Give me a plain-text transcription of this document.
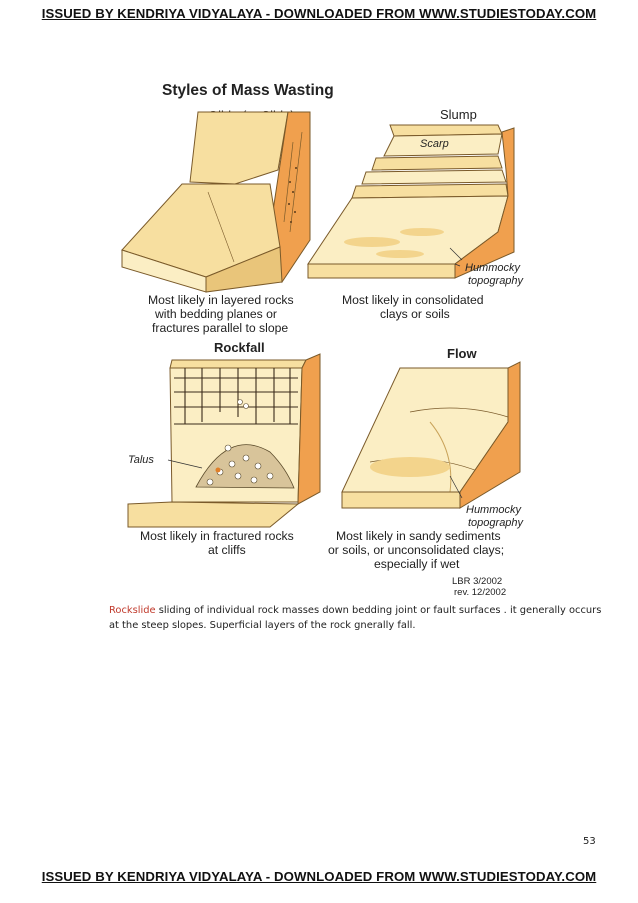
ISSUED BY KENDRIYA VIDYALAYA - DOWNLOADED FROM WWW.STUDIESTODAY.COM
Styles of Mass Wasting
Most likely in layered rocks
with bedding planes or
fractures parallel to slope
Slump
Scarp
Hummocky
topography
Most likely in consolidated
clays or soils
Rockfall
Talus
Most likely in fractured rocks
at cliffs
Flow
Hummocky
topography
Most likely in sandy sediments
or soils, or unconsolidated clays;
especially if wet
LBR 3/2002
rev. 12/2002
Rockslide sliding of individual rock masses down bedding joint or fault surfaces . it generally occurs at the steep slopes. Superficial layers of the rock gnerally fall.
53
ISSUED BY KENDRIYA VIDYALAYA - DOWNLOADED FROM WWW.STUDIESTODAY.COM
